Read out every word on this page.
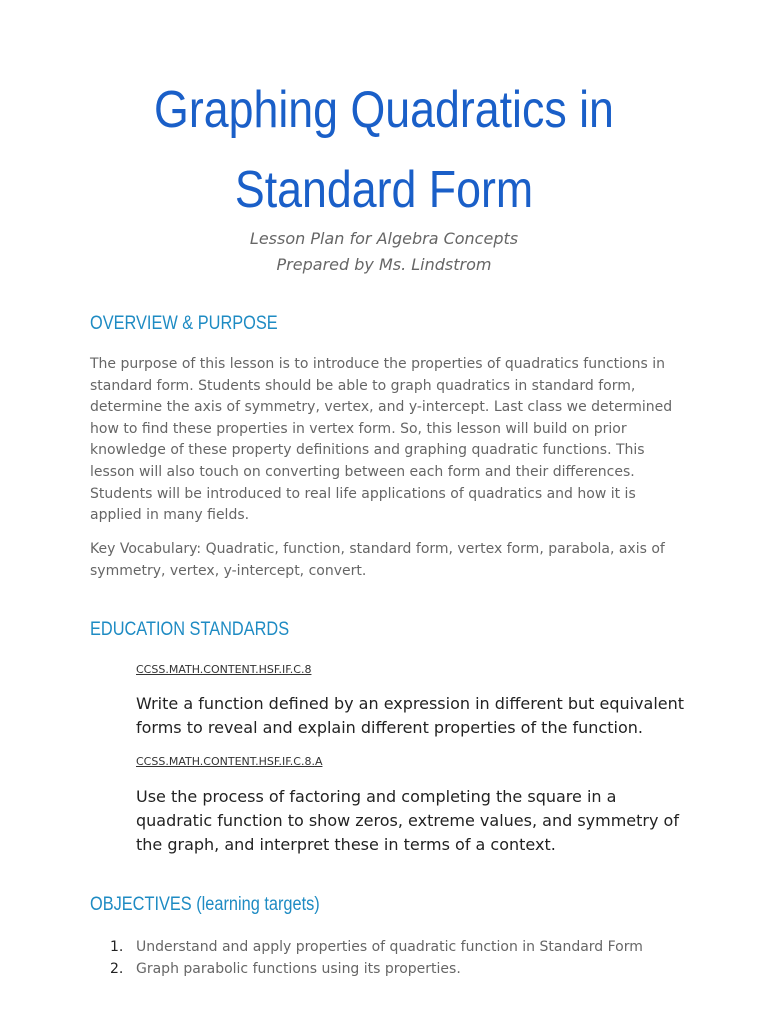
Graphing Quadratics in
Standard Form
Lesson Plan for Algebra Concepts
Prepared by Ms. Lindstrom
OVERVIEW & PURPOSE
The purpose of this lesson is to introduce the properties of quadratics functions in
standard form. Students should be able to graph quadratics in standard form,
determine the axis of symmetry, vertex, and y-intercept. Last class we determined
how to find these properties in vertex form. So, this lesson will build on prior
knowledge of these property definitions and graphing quadratic functions. This
lesson will also touch on converting between each form and their differences.
Students will be introduced to real life applications of quadratics and how it is
applied in many fields.
Key Vocabulary: Quadratic, function, standard form, vertex form, parabola, axis of
symmetry, vertex, y-intercept, convert.
EDUCATION STANDARDS
CCSS.MATH.CONTENT.HSF.IF.C.8
Write a function defined by an expression in different but equivalent
forms to reveal and explain different properties of the function.
CCSS.MATH.CONTENT.HSF.IF.C.8.A
Use the process of factoring and completing the square in a
quadratic function to show zeros, extreme values, and symmetry of
the graph, and interpret these in terms of a context.
OBJECTIVES (learning targets)
1. Understand and apply properties of quadratic function in Standard Form
2. Graph parabolic functions using its properties.
